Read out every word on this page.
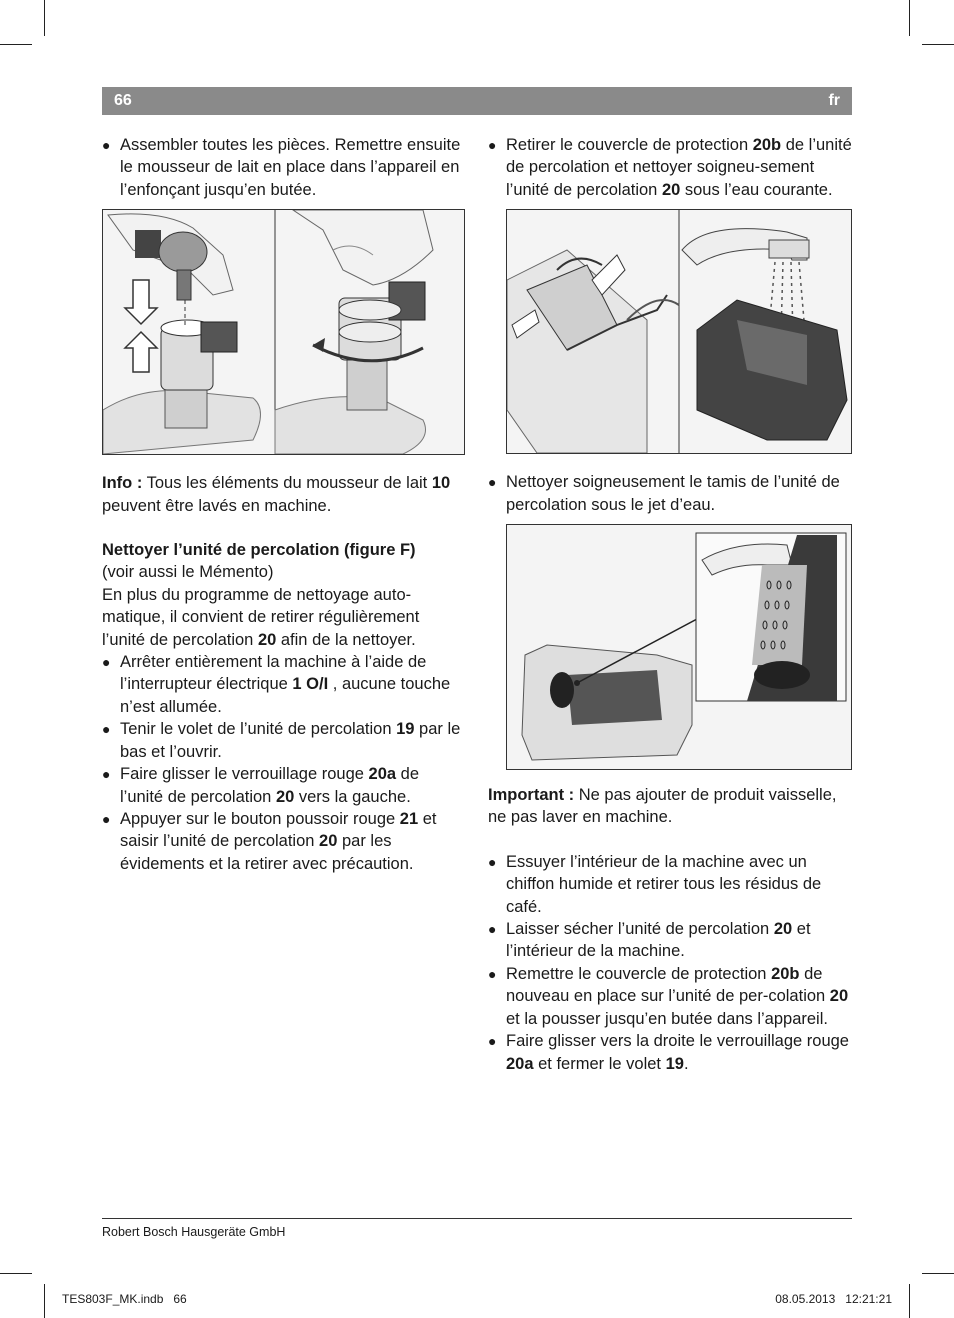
66	fr

● Assembler toutes les pièces. Remettre ensuite le mousseur de lait en place dans l’appareil en l’enfonçant jusqu’en butée.

Info : Tous les éléments du mousseur de lait 10 peuvent être lavés en machine.

Nettoyer l’unité de percolation (figure F)

(voir aussi le Mémento)

En plus du programme de nettoyage auto-matique, il convient de retirer régulièrement l’unité de percolation 20 afin de la nettoyer.

● Arrêter entièrement la machine à l’aide de l’interrupteur électrique 1 O/I , aucune touche n’est allumée.

● Tenir le volet de l’unité de percolation 19 par le bas et l’ouvrir.

● Faire glisser le verrouillage rouge 20a de l’unité de percolation 20 vers la gauche.

● Appuyer sur le bouton poussoir rouge 21 et saisir l’unité de percolation 20 par les évidements et la retirer avec précaution.

● Retirer le couvercle de protection 20b de l’unité de percolation et nettoyer soigneu-sement l’unité de percolation 20 sous l’eau courante.

● Nettoyer soigneusement le tamis de l’unité de percolation sous le jet d’eau.

Important : Ne pas ajouter de produit vaisselle, ne pas laver en machine.

● Essuyer l’intérieur de la machine avec un chiffon humide et retirer tous les résidus de café.

● Laisser sécher l’unité de percolation 20 et l’intérieur de la machine.

● Remettre le couvercle de protection 20b de nouveau en place sur l’unité de per-colation 20 et la pousser jusqu’en butée dans l’appareil.

● Faire glisser vers la droite le verrouillage rouge 20a et fermer le volet 19.

Robert Bosch Hausgeräte GmbH
TES803F_MK.indb   66	08.05.2013   12:21:21
